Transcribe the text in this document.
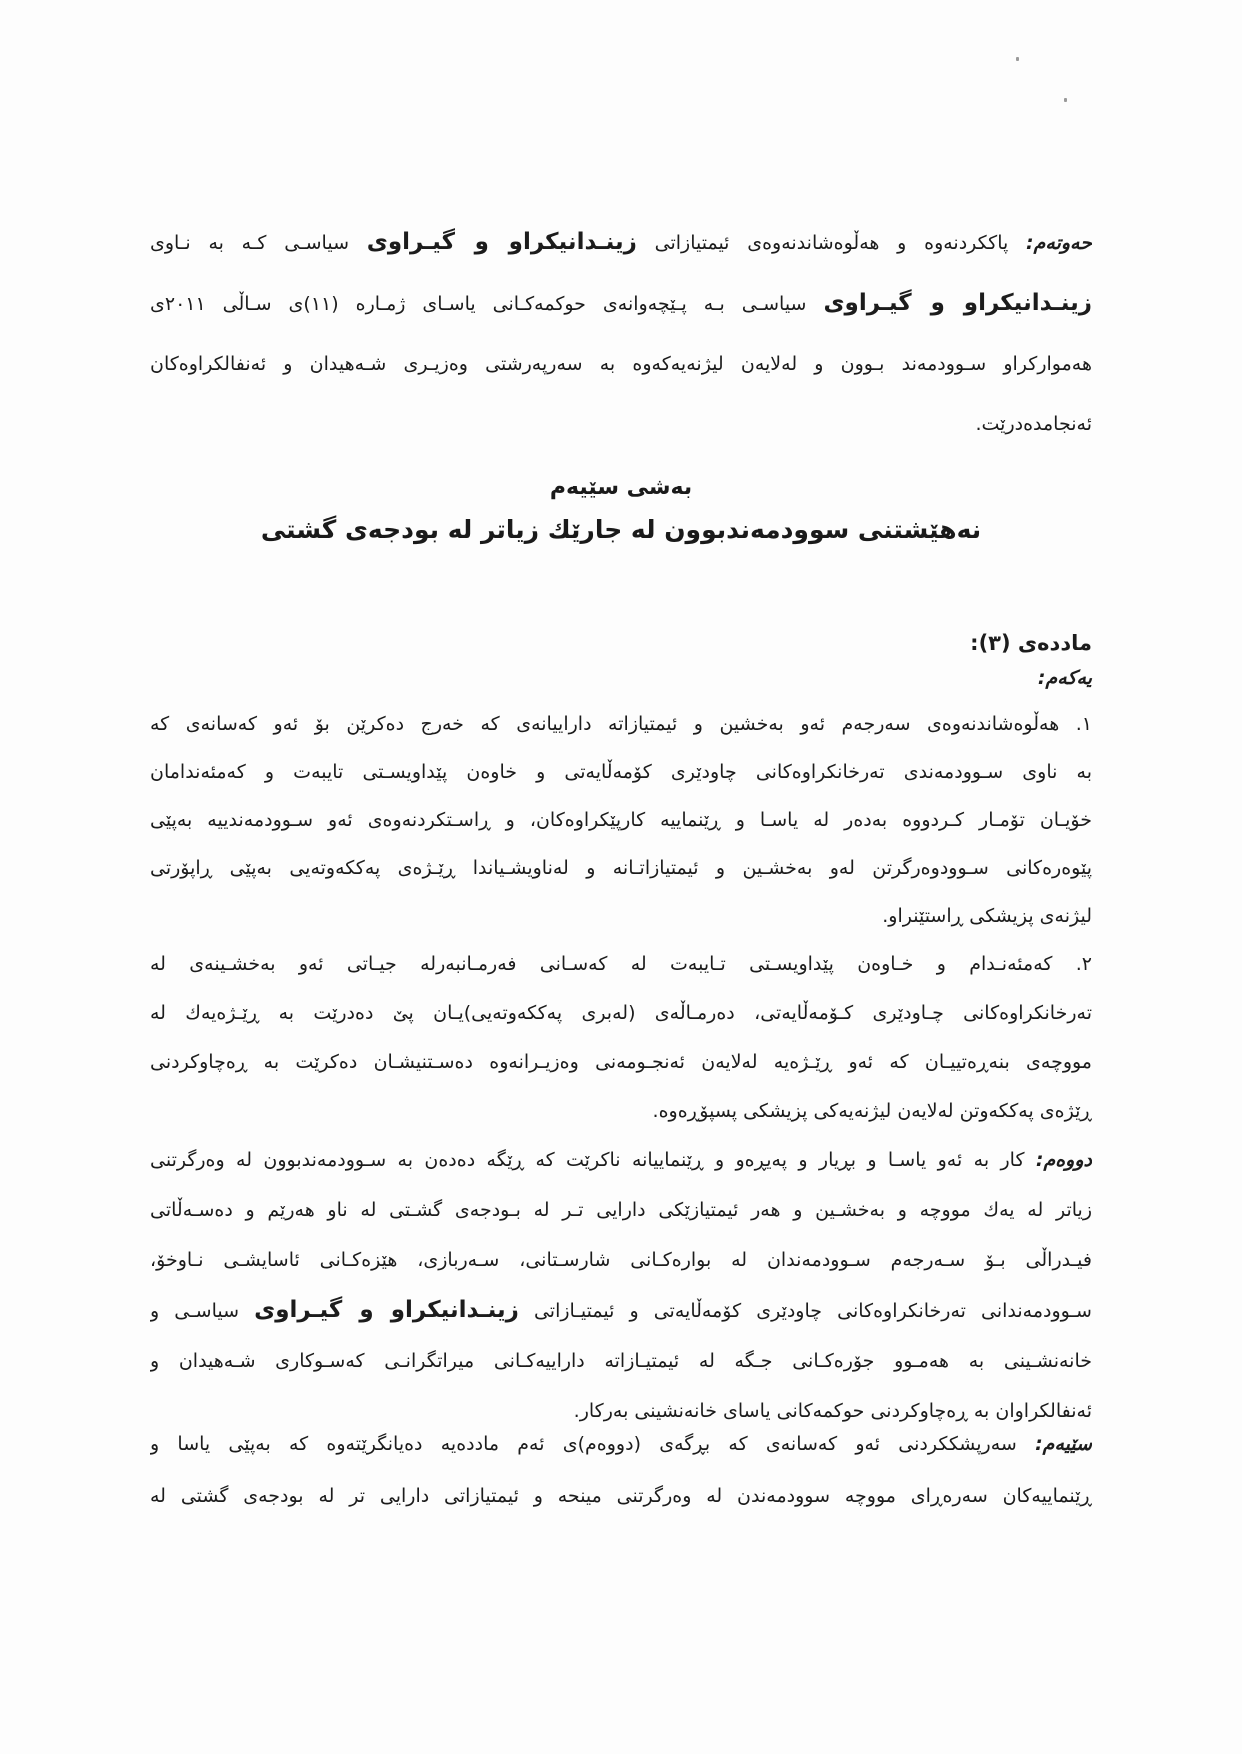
حەوتەم: پاككردنەوە و هەڵوەشاندنەوەی ئیمتیازاتی زینـدانیكراو و گیـراوی سیاسـی كـە بە نـاوی
زینـدانیكراو و گیـراوی سیاسـی بـە پـێچەوانەی حوكمەكـانی یاسـای ژمـارە (١١)ی سـاڵی ٢٠١١ی
هەموارکراو سـوودمەند بـوون و لەلایەن لیژنەیەکەوە بە سەرپەرشتی وەزیـری شـەهیدان و ئەنفالكراوەكان
ئەنجامدەدرێت.
بەشی سێیەم
نەهێشتنی سوودمەندبوون لە جارێك زیاتر لە بودجەی گشتی
ماددەی (٣):
یەكەم:
١. هەڵوەشاندنەوەی سەرجەم ئەو بەخشین و ئیمتیازاتە داراییانەی كە خەرج دەكرێن بۆ ئەو كەسانەی كە
بە ناوی سـوودمەندی تەرخانكراوەكانی چاودێری كۆمەڵایەتی و خاوەن پێداویسـتی تایبەت و كەمئەندامان
خۆیـان تۆمـار كـردووە بەدەر لە یاسـا و ڕێنماییە كارپێكراوەكان، و ڕاسـتكردنەوەی ئەو سـوودمەندییە بەپێی
پێوەرەكانی سـوودوەرگرتن لەو بەخشـین و ئیمتیازاتـانە و لەناویشـیاندا ڕێـژەی پەككەوتەیی بەپێی ڕاپۆرتی
لیژنەی پزیشكی ڕاستێنراو.
٢. كەمئەنـدام و خـاوەن پێداویسـتی تـایبەت لە كەسـانی فەرمـانبەرلە جیـاتی ئەو بەخشـینەی لە
تەرخانكراوەكانی چـاودێری كـۆمەڵایەتی، دەرمـاڵەی (لەبری پەككەوتەیی)یـان پێ دەدرێت بە ڕێـژەیەك لە
مووچەی بنەڕەتییـان كە ئەو ڕێـژەیە لەلایەن ئەنجـومەنی وەزیـرانەوە دەسـتنیشـان دەكرێت بە ڕەچاوكردنی
ڕێژەی پەككەوتن لەلایەن لیژنەیەكی پزیشكی پسپۆڕەوە.
دووەم: كار بە ئەو یاسـا و بڕیار و پەیڕەو و ڕێنماییانە ناكرێت كە ڕێگە دەدەن بە سـوودمەندبوون لە وەرگرتنی
زیاتر لە یەك مووچە و بەخشـین و هەر ئیمتیازێكی دارایی تـر لە بـودجەی گشـتی لە ناو هەرێم و دەسـەڵاتی
فیـدراڵی بـۆ سـەرجەم سـوودمەندان لە بوارەكـانی شارسـتانی، سـەربازی، هێزەكـانی ئاسایشـی نـاوخۆ،
سـوودمەندانی تەرخانكراوەكانی چاودێری كۆمەڵایەتی و ئیمتیـازاتی زینـدانیكراو و گیـراوی سیاسـی و
خانەنشـینی بە هەمـوو جۆرەكـانی جـگە لە ئیمتیـازاتە داراییەكـانی میراتگرانـی كەسـوكاری شـەهیدان و
ئەنفالكراوان بە ڕەچاوكردنی حوكمەكانی یاسای خانەنشینی بەركار.
سێیەم: سەرپشككردنی ئەو كەسانەی كە بڕگەی (دووەم)ی ئەم ماددەیە دەیانگرێتەوە كە بەپێی یاسا و
ڕێنماییەكان سەرەڕای مووچە سوودمەندن لە وەرگرتنی مینحە و ئیمتیازاتی دارایی تر لە بودجەی گشتی لە
